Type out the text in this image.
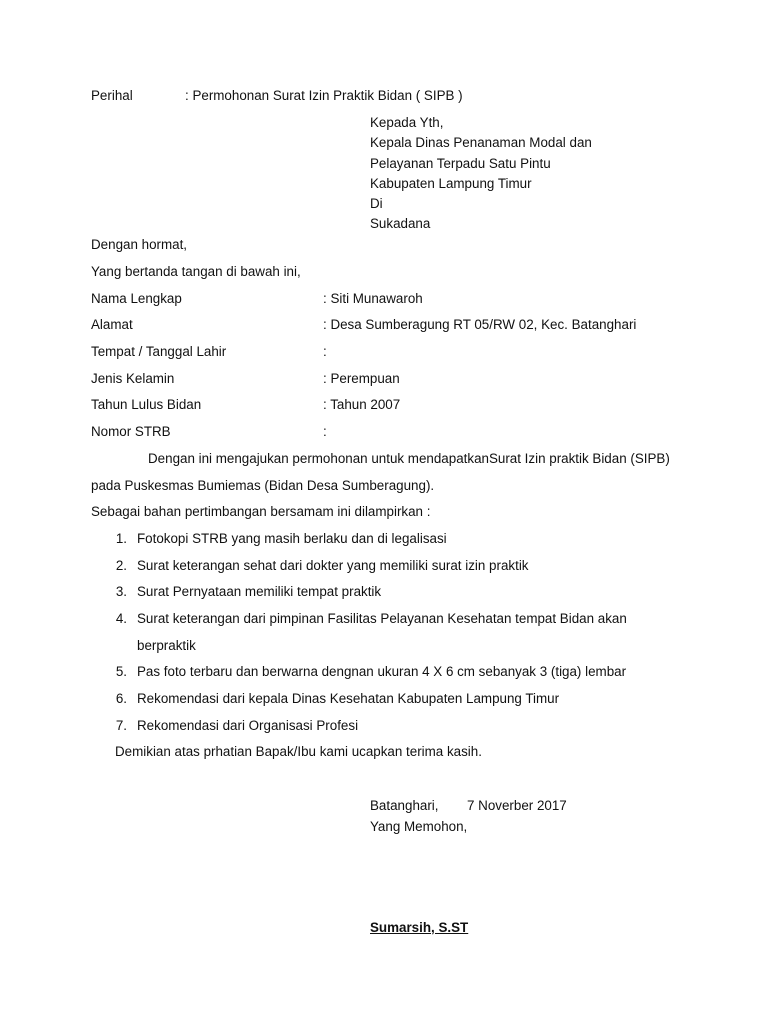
Perihal	: Permohonan Surat Izin Praktik Bidan ( SIPB )
Kepada Yth,
Kepala Dinas Penanaman Modal dan
Pelayanan Terpadu Satu Pintu
Kabupaten Lampung Timur
Di
Sukadana
Dengan hormat,
Yang bertanda tangan di bawah ini,
Nama Lengkap	: Siti Munawaroh
Alamat	: Desa Sumberagung RT 05/RW 02, Kec. Batanghari
Tempat / Tanggal Lahir	:
Jenis Kelamin	: Perempuan
Tahun Lulus Bidan	: Tahun 2007
Nomor STRB	:
Dengan ini mengajukan permohonan untuk mendapatkanSurat Izin praktik Bidan (SIPB)
pada Puskesmas Bumiemas (Bidan Desa Sumberagung).
Sebagai bahan pertimbangan bersamam ini dilampirkan :
1. Fotokopi STRB yang masih berlaku dan di legalisasi
2. Surat keterangan sehat dari dokter yang memiliki surat izin praktik
3. Surat Pernyataan memiliki tempat praktik
4. Surat keterangan dari pimpinan Fasilitas Pelayanan Kesehatan tempat Bidan akan
berpraktik
5. Pas foto terbaru dan berwarna dengnan ukuran 4 X 6 cm sebanyak 3 (tiga) lembar
6. Rekomendasi dari kepala Dinas Kesehatan Kabupaten Lampung Timur
7. Rekomendasi dari Organisasi Profesi
Demikian atas prhatian Bapak/Ibu kami ucapkan terima kasih.
Batanghari, 7 Noverber 2017
Yang Memohon,
Sumarsih, S.ST
